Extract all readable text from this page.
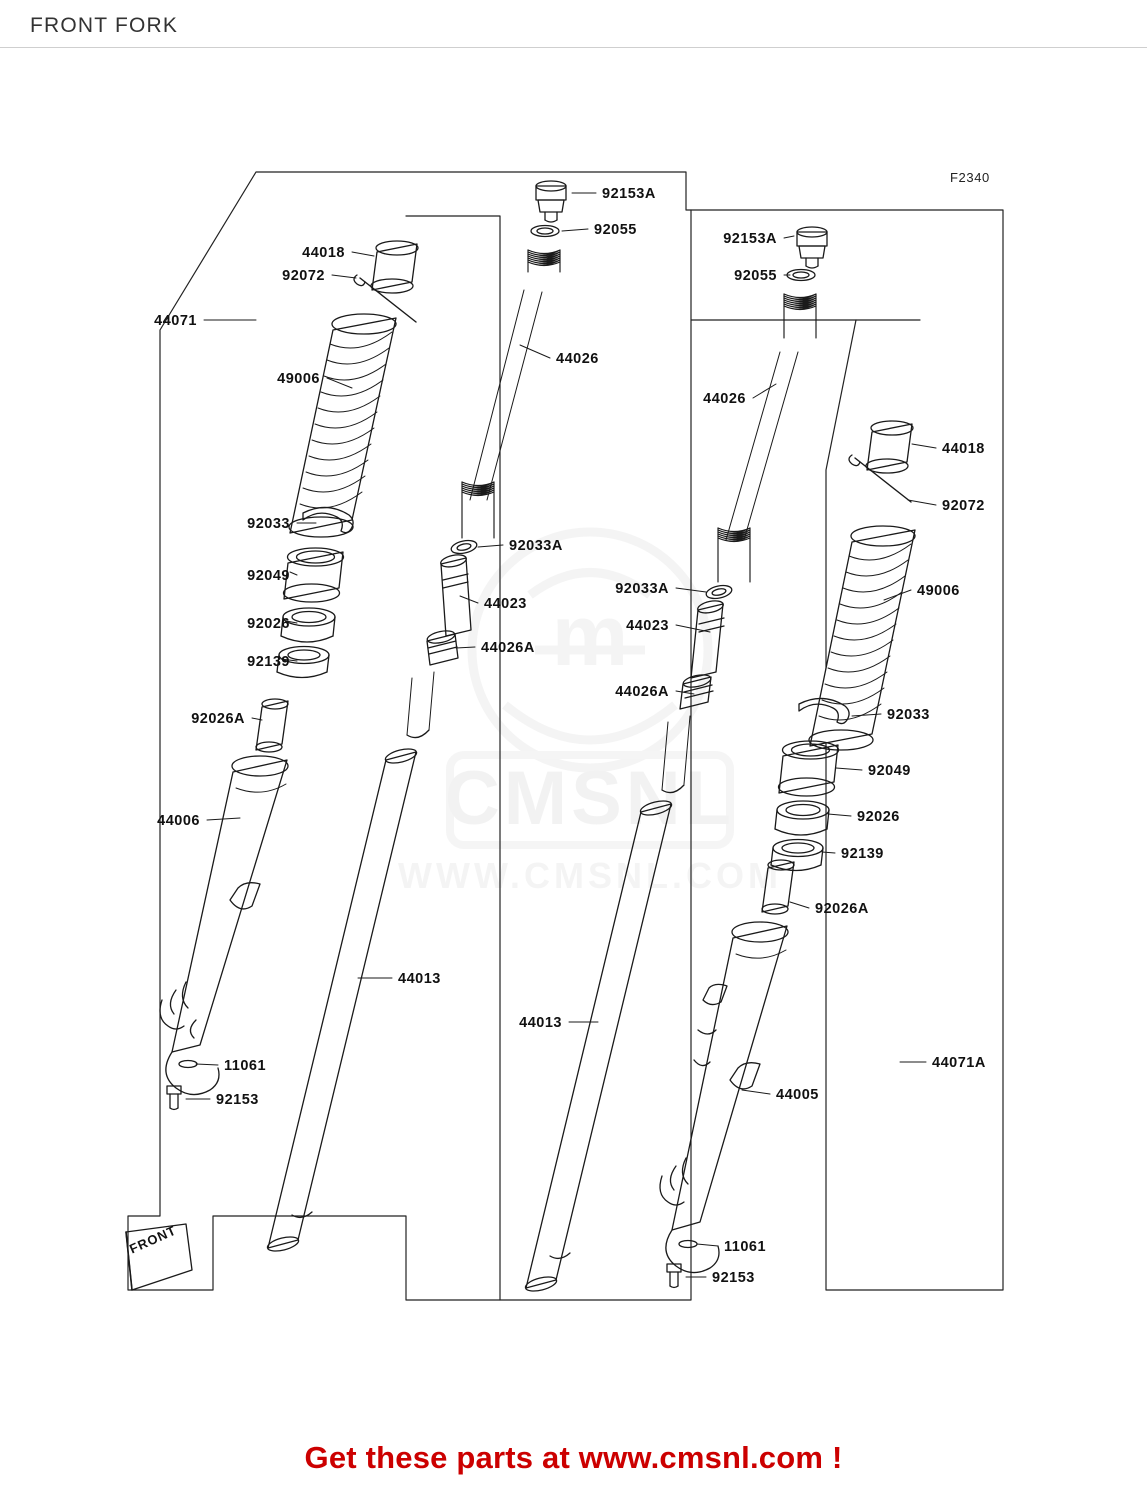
FRONT FORK
F2340
m
CMSNL
WWW.CMSNL.COM
FRONT
92153A
92055
44018
92072
92153A
92055
44071
44026
49006
44026
44018
92072
92033
92033A
92049
49006
92033A
44023
92026
44026A
44023
92139
44026A
92026A	92033
92049
92026
44006
92139
92026A
44013
44013
44071A
11061
44005
92153
11061
92153
Get these parts at www.cmsnl.com !
